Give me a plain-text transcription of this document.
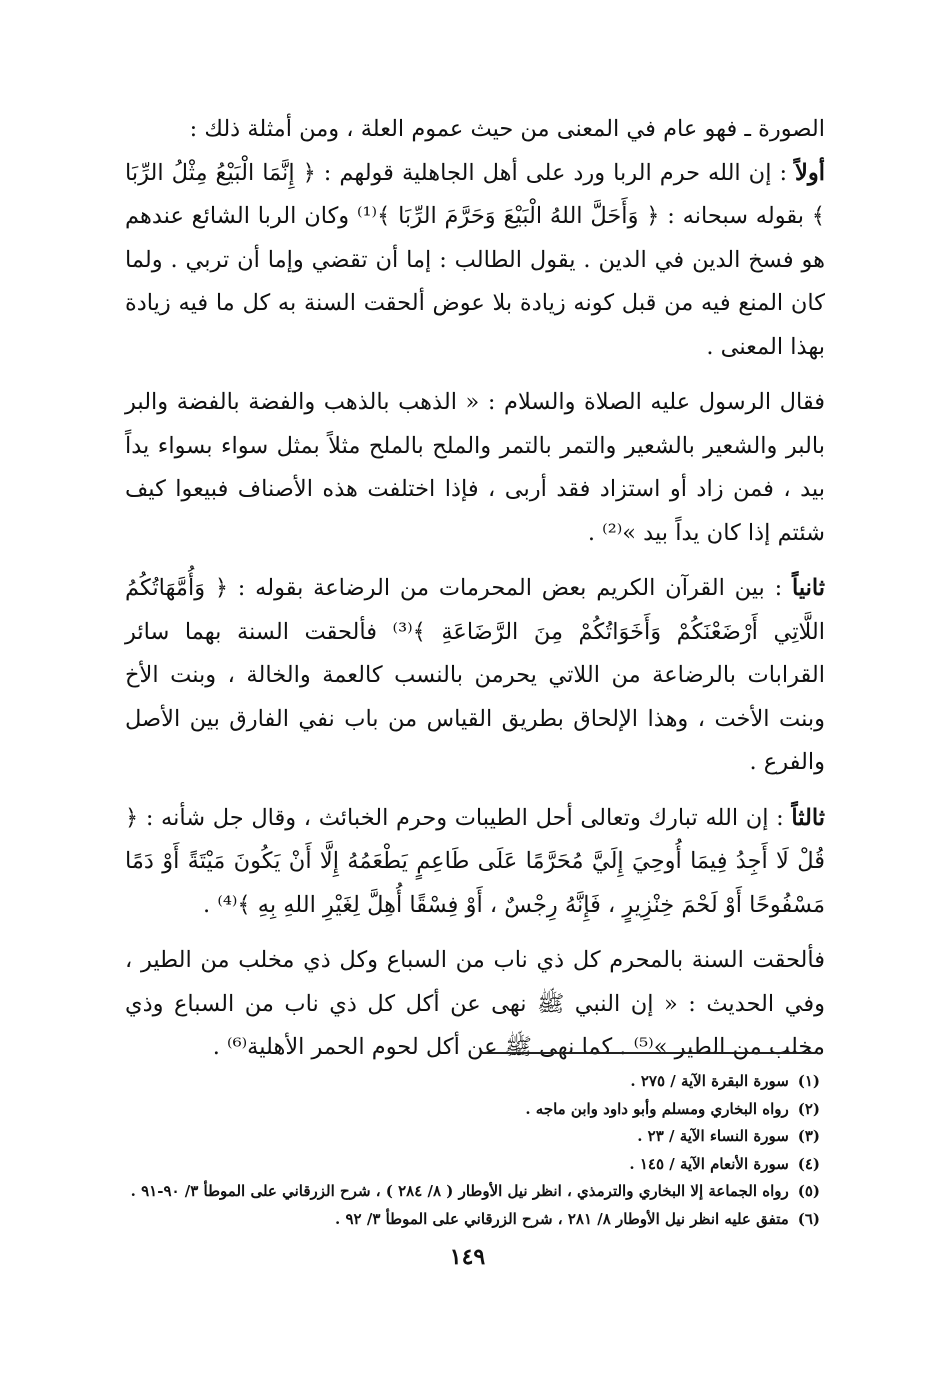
الصورة ـ فهو عام في المعنى من حيث عموم العلة ، ومن أمثلة ذلك :

أولاً : إن الله حرم الربا ورد على أهل الجاهلية قولهم : ﴿ إِنَّمَا الْبَيْعُ مِثْلُ الرِّبَا ﴾ بقوله سبحانه : ﴿ وَأَحَلَّ اللهُ الْبَيْعَ وَحَرَّمَ الرِّبَا ﴾⁽¹⁾ وكان الربا الشائع عندهم هو فسخ الدين في الدين . يقول الطالب : إما أن تقضي وإما أن تربي . ولما كان المنع فيه من قبل كونه زيادة بلا عوض ألحقت السنة به كل ما فيه زيادة بهذا المعنى .

فقال الرسول عليه الصلاة والسلام : « الذهب بالذهب والفضة بالفضة والبر بالبر والشعير بالشعير والتمر بالتمر والملح بالملح مثلاً بمثل سواء بسواء يداً بيد ، فمن زاد أو استزاد فقد أربى ، فإذا اختلفت هذه الأصناف فبيعوا كيف شئتم إذا كان يداً بيد »⁽²⁾ .

ثانياً : بين القرآن الكريم بعض المحرمات من الرضاعة بقوله : ﴿ وَأُمَّهَاتُكُمُ اللَّاتِي أَرْضَعْنَكُمْ وَأَخَوَاتُكُمْ مِنَ الرَّضَاعَةِ ﴾⁽³⁾ فألحقت السنة بهما سائر القرابات بالرضاعة من اللاتي يحرمن بالنسب كالعمة والخالة ، وبنت الأخ وبنت الأخت ، وهذا الإلحاق بطريق القياس من باب نفي الفارق بين الأصل والفرع .

ثالثاً : إن الله تبارك وتعالى أحل الطيبات وحرم الخبائث ، وقال جل شأنه : ﴿ قُلْ لَا أَجِدُ فِيمَا أُوحِيَ إِلَيَّ مُحَرَّمًا عَلَى طَاعِمٍ يَطْعَمُهُ إِلَّا أَنْ يَكُونَ مَيْتَةً أَوْ دَمًا مَسْفُوحًا أَوْ لَحْمَ خِنْزِيرٍ ، فَإِنَّهُ رِجْسٌ ، أَوْ فِسْقًا أُهِلَّ لِغَيْرِ اللهِ بِهِ ﴾⁽⁴⁾ .

فألحقت السنة بالمحرم كل ذي ناب من السباع وكل ذي مخلب من الطير ، وفي الحديث : « إن النبي ﷺ نهى عن أكل كل ذي ناب من السباع وذي مخلب من الطير »⁽⁵⁾ . كما نهى ﷺ عن أكل لحوم الحمر الأهلية⁽⁶⁾ .

(١) سورة البقرة الآية / ٢٧٥ .

(٢) رواه البخاري ومسلم وأبو داود وابن ماجه .

(٣) سورة النساء الآية / ٢٣ .

(٤) سورة الأنعام الآية / ١٤٥ .

(٥) رواه الجماعة إلا البخاري والترمذي ، انظر نيل الأوطار ( ٨/ ٢٨٤ ) ، شرح الزرقاني على الموطأ ٣/ ٩٠-٩١ .

(٦) متفق عليه انظر نيل الأوطار ٨/ ٢٨١ ، شرح الزرقاني على الموطأ ٣/ ٩٢ .

١٤٩
